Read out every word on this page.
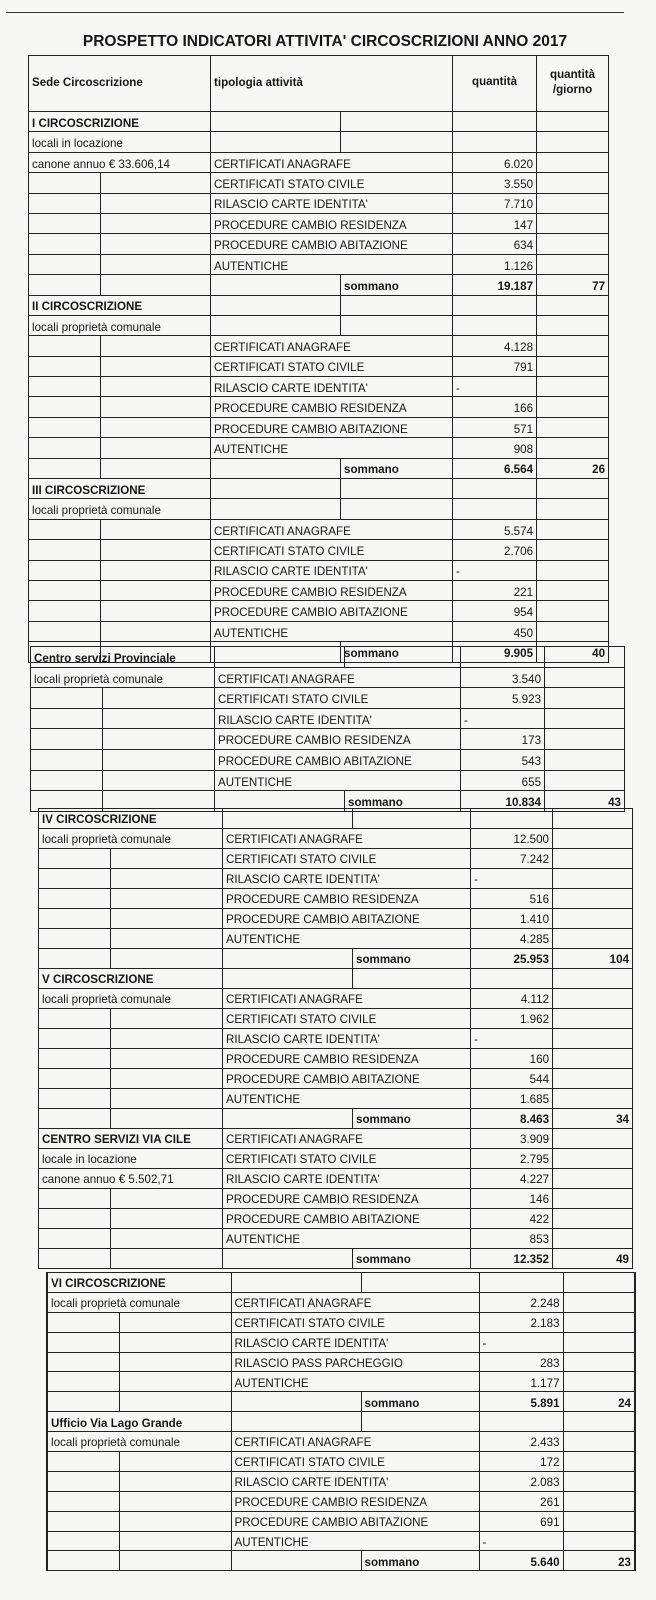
PROSPETTO INDICATORI ATTIVITA' CIRCOSCRIZIONI ANNO 2017
Sede Circoscrizione		tipologia attività		quantità	quantità /giorno
I CIRCOSCRIZIONE					
locali in locazione					
canone annuo € 33.606,14		CERTIFICATI ANAGRAFE		6.020	
		CERTIFICATI STATO CIVILE		3.550	
		RILASCIO CARTE IDENTITA'		7.710	
		PROCEDURE CAMBIO RESIDENZA		147	
		PROCEDURE CAMBIO ABITAZIONE		634	
		AUTENTICHE		1.126	
			sommano	19.187	77
II CIRCOSCRIZIONE					
locali proprietà comunale					
		CERTIFICATI ANAGRAFE		4.128	
		CERTIFICATI STATO CIVILE		791	
		RILASCIO CARTE IDENTITA'		-	
		PROCEDURE CAMBIO RESIDENZA		166	
		PROCEDURE CAMBIO ABITAZIONE		571	
		AUTENTICHE		908	
			sommano	6.564	26
III CIRCOSCRIZIONE					
locali proprietà comunale					
		CERTIFICATI ANAGRAFE		5.574	
		CERTIFICATI STATO CIVILE		2.706	
		RILASCIO CARTE IDENTITA'		-	
		PROCEDURE CAMBIO RESIDENZA		221	
		PROCEDURE CAMBIO ABITAZIONE		954	
		AUTENTICHE		450	
			sommano	9.905	40
Centro servizi Provinciale					
locali proprietà comunale		CERTIFICATI ANAGRAFE		3.540	
		CERTIFICATI STATO CIVILE		5.923	
		RILASCIO CARTE IDENTITA'		-	
		PROCEDURE CAMBIO RESIDENZA		173	
		PROCEDURE CAMBIO ABITAZIONE		543	
		AUTENTICHE		655	
			sommano	10.834	43
IV CIRCOSCRIZIONE					
locali proprietà comunale		CERTIFICATI ANAGRAFE		12.500	
		CERTIFICATI STATO CIVILE		7.242	
		RILASCIO CARTE IDENTITA'		-	
		PROCEDURE CAMBIO RESIDENZA		516	
		PROCEDURE CAMBIO ABITAZIONE		1.410	
		AUTENTICHE		4.285	
			sommano	25.953	104
V CIRCOSCRIZIONE					
locali proprietà comunale		CERTIFICATI ANAGRAFE		4.112	
		CERTIFICATI STATO CIVILE		1.962	
		RILASCIO CARTE IDENTITA'		-	
		PROCEDURE CAMBIO RESIDENZA		160	
		PROCEDURE CAMBIO ABITAZIONE		544	
		AUTENTICHE		1.685	
			sommano	8.463	34
CENTRO SERVIZI VIA CILE		CERTIFICATI ANAGRAFE		3.909	
locale in locazione		CERTIFICATI STATO CIVILE		2.795	
canone annuo € 5.502,71		RILASCIO CARTE IDENTITA'		4.227	
		PROCEDURE CAMBIO RESIDENZA		146	
		PROCEDURE CAMBIO ABITAZIONE		422	
		AUTENTICHE		853	
			sommano	12.352	49
VI CIRCOSCRIZIONE					
locali proprietà comunale		CERTIFICATI ANAGRAFE		2.248	
		CERTIFICATI STATO CIVILE		2.183	
		RILASCIO CARTE IDENTITA'		-	
		RILASCIO PASS PARCHEGGIO		283	
		AUTENTICHE		1.177	
			sommano	5.891	24
Ufficio Via Lago Grande					
locali proprietà comunale		CERTIFICATI ANAGRAFE		2.433	
		CERTIFICATI STATO CIVILE		172	
		RILASCIO CARTE IDENTITA'		2.083	
		PROCEDURE CAMBIO RESIDENZA		261	
		PROCEDURE CAMBIO ABITAZIONE		691	
		AUTENTICHE		-	
			sommano	5.640	23
